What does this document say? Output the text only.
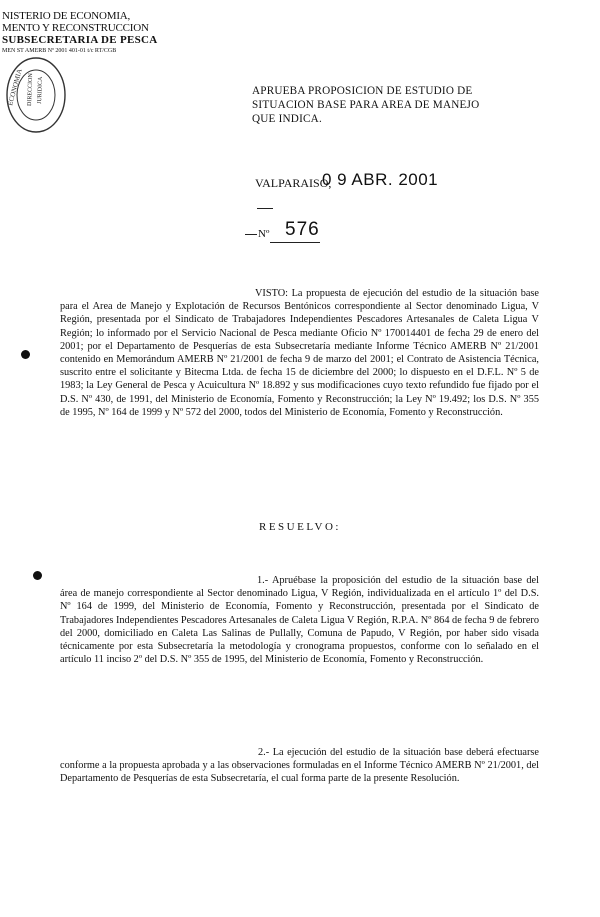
NISTERIO DE ECONOMIA,
MENTO Y RECONSTRUCCION
SUBSECRETARIA DE PESCA
MEN ST AMERB Nº 2001 401-01 t/c RT/CGB
ECONOMIA DIRECCION JURIDICA	APRUEBA PROPOSICION DE ESTUDIO DE SITUACION BASE PARA AREA DE MANEJO QUE INDICA.
VALPARAISO,
0 9 ABR. 2001
Nº 576
VISTO: La propuesta de ejecución del estudio de la situación base para el Area de Manejo y Explotación de Recursos Bentónicos correspondiente al Sector denominado Ligua, V Región, presentada por el Sindicato de Trabajadores Independientes Pescadores Artesanales de Caleta Ligua V Región; lo informado por el Servicio Nacional de Pesca mediante Oficio Nº 170014401 de fecha 29 de enero del 2001; por el Departamento de Pesquerías de esta Subsecretaría mediante Informe Técnico AMERB Nº 21/2001 contenido en Memorándum AMERB Nº 21/2001 de fecha 9 de marzo del 2001; el Contrato de Asistencia Técnica, suscrito entre el solicitante y Bitecma Ltda. de fecha 15 de diciembre del 2000; lo dispuesto en el D.F.L. Nº 5 de 1983; la Ley General de Pesca y Acuicultura Nº 18.892 y sus modificaciones cuyo texto refundido fue fijado por el D.S. Nº 430, de 1991, del Ministerio de Economía, Fomento y Reconstrucción; la Ley Nº 19.492; los D.S. Nº 355 de 1995, Nº 164 de 1999 y Nº 572 del 2000, todos del Ministerio de Economía, Fomento y Reconstrucción.
RESUELVO:
1.- Apruébase la proposición del estudio de la situación base del área de manejo correspondiente al Sector denominado Ligua, V Región, individualizada en el artículo 1º del D.S. Nº 164 de 1999, del Ministerio de Economía, Fomento y Reconstrucción, presentada por el Sindicato de Trabajadores Independientes Pescadores Artesanales de Caleta Ligua V Región, R.P.A. Nº 864 de fecha 9 de febrero del 2000, domiciliado en Caleta Las Salinas de Pullally, Comuna de Papudo, V Región, por haber sido visada técnicamente por esta Subsecretaría la metodología y cronograma propuestos, conforme con lo señalado en el artículo 11 inciso 2º del D.S. Nº 355 de 1995, del Ministerio de Economía, Fomento y Reconstrucción.
2.- La ejecución del estudio de la situación base deberá efectuarse conforme a la propuesta aprobada y a las observaciones formuladas en el Informe Técnico AMERB Nº 21/2001, del Departamento de Pesquerías de esta Subsecretaría, el cual forma parte de la presente Resolución.
